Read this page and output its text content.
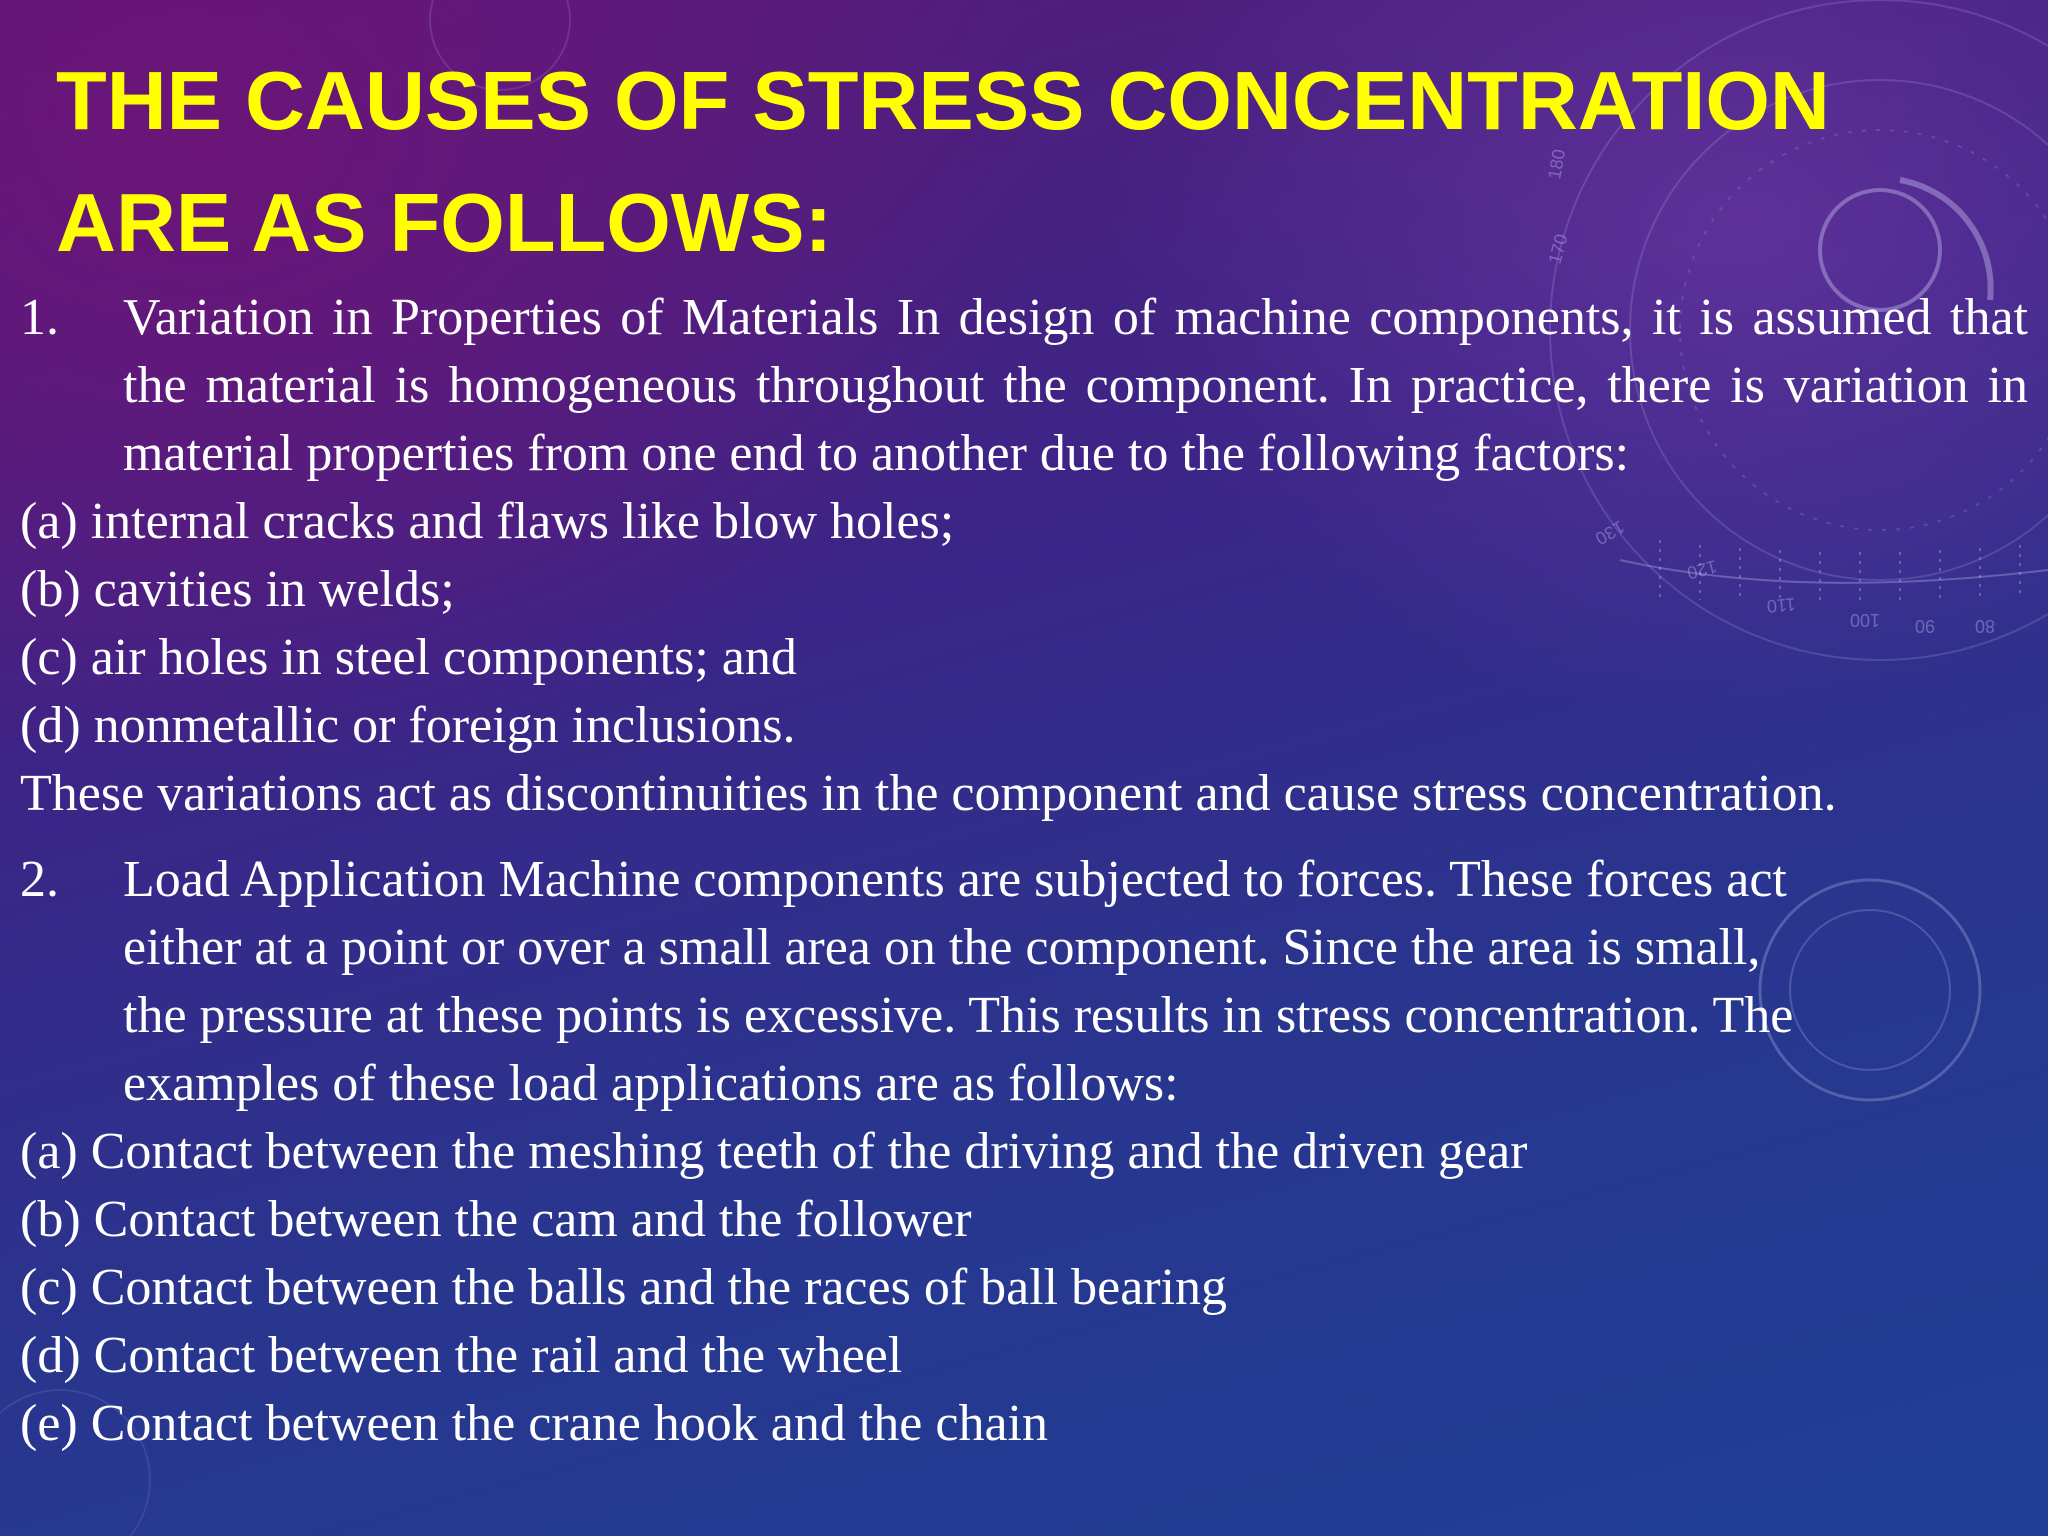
180
170
130
120
110
100 90 80
THE CAUSES OF STRESS CONCENTRATION
ARE AS FOLLOWS:
1.	Variation in Properties of Materials In design of machine components, it is assumed that the material is homogeneous throughout the component. In practice, there is variation in material properties from one end to another due to the following factors:

(a) internal cracks and flaws like blow holes;

(b) cavities in welds;

(c) air holes in steel components; and

(d) nonmetallic or foreign inclusions.

These variations act as discontinuities in the component and cause stress concentration.

2.	Load Application Machine components are subjected to forces. These forces act
either at a point or over a small area on the component. Since the area is small,
the pressure at these points is excessive. This results in stress concentration. The
examples of these load applications are as follows:

(a) Contact between the meshing teeth of the driving and the driven gear

(b) Contact between the cam and the follower

(c) Contact between the balls and the races of ball bearing

(d) Contact between the rail and the wheel

(e) Contact between the crane hook and the chain
